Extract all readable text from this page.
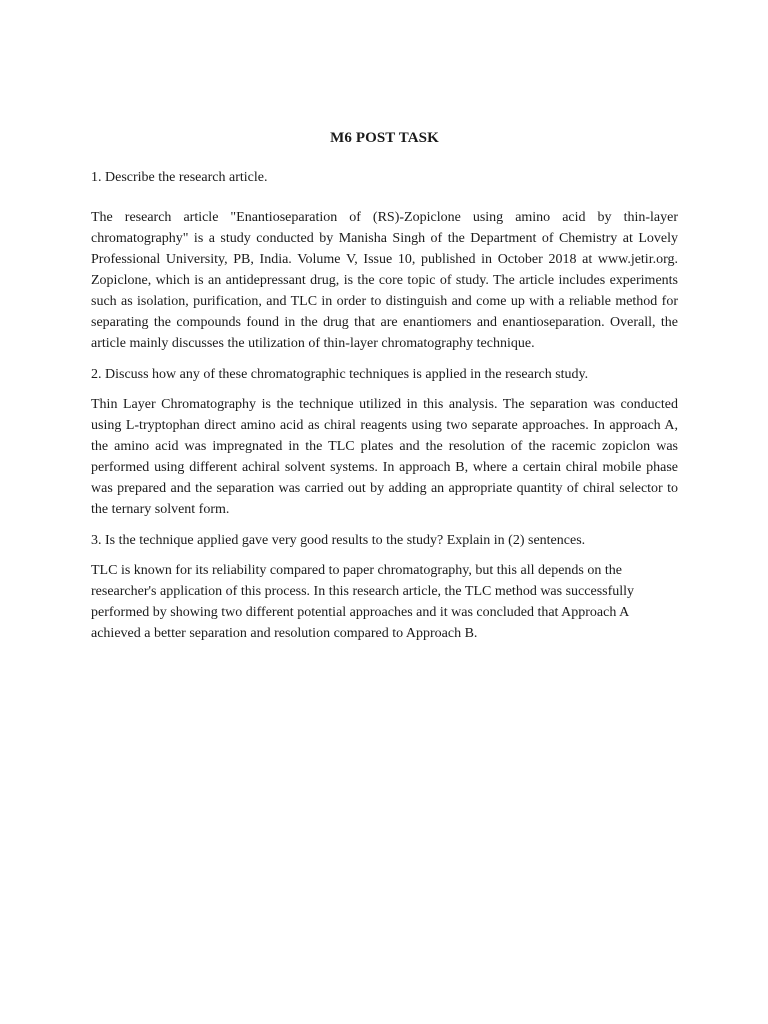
M6 POST TASK

1. Describe the research article.

The research article "Enantioseparation of (RS)-Zopiclone using amino acid by thin-layer chromatography" is a study conducted by Manisha Singh of the Department of Chemistry at Lovely Professional University, PB, India. Volume V, Issue 10, published in October 2018 at www.jetir.org. Zopiclone, which is an antidepressant drug, is the core topic of study. The article includes experiments such as isolation, purification, and TLC in order to distinguish and come up with a reliable method for separating the compounds found in the drug that are enantiomers and enantioseparation. Overall, the article mainly discusses the utilization of thin-layer chromatography technique.

2. Discuss how any of these chromatographic techniques is applied in the research study.

Thin Layer Chromatography is the technique utilized in this analysis. The separation was conducted using L-tryptophan direct amino acid as chiral reagents using two separate approaches. In approach A, the amino acid was impregnated in the TLC plates and the resolution of the racemic zopiclon was performed using different achiral solvent systems. In approach B, where a certain chiral mobile phase was prepared and the separation was carried out by adding an appropriate quantity of chiral selector to the ternary solvent form.

3. Is the technique applied gave very good results to the study? Explain in (2) sentences.

TLC is known for its reliability compared to paper chromatography, but this all depends on the researcher's application of this process. In this research article, the TLC method was successfully performed by showing two different potential approaches and it was concluded that Approach A achieved a better separation and resolution compared to Approach B.
